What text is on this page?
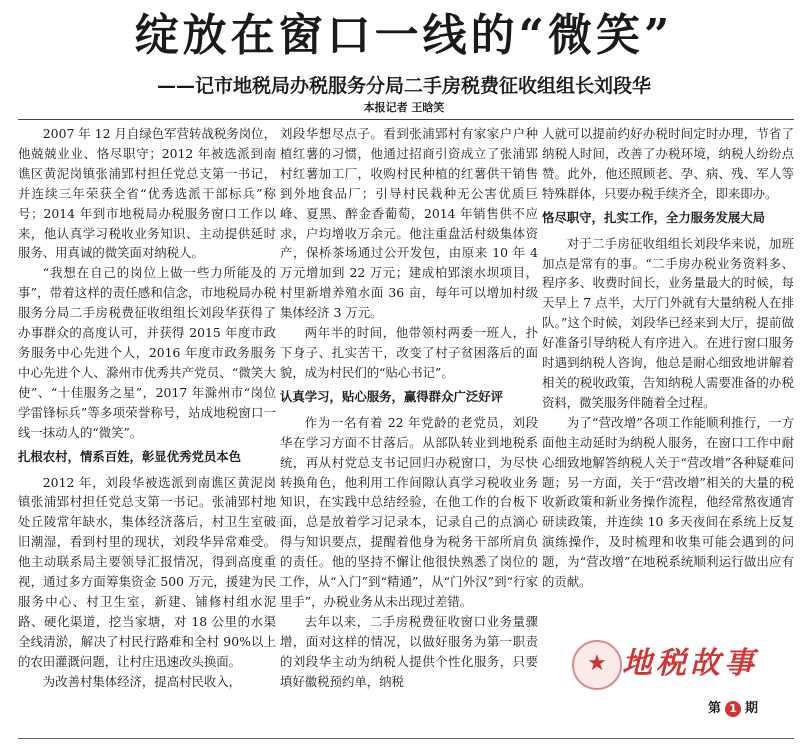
绽放在窗口一线的“微笑”
——记市地税局办税服务分局二手房税费征收组组长刘段华
本报记者 王晗笑

2007 年 12 月自绿色军营转战税务岗位，他兢兢业业、恪尽职守；2012 年被选派到南谯区黄泥岗镇张浦郢村担任党总支第一书记，并连续三年荣获全省“优秀选派干部标兵”称号；2014 年到市地税局办税服务窗口工作以来，他认真学习税收业务知识、主动提供延时服务、用真诚的微笑面对纳税人。

“我想在自己的岗位上做一些力所能及的事”，带着这样的责任感和信念，市地税局办税服务分局二手房税费征收组组长刘段华获得了办事群众的高度认可，并获得 2015 年度市政务服务中心先进个人，2016 年度市政务服务中心先进个人、滁州市优秀共产党员、“微笑大使”、“十佳服务之星”，2017 年滁州市“岗位学雷锋标兵”等多项荣誉称号，站成地税窗口一线一抹动人的“微笑”。

扎根农村，情系百姓，彰显优秀党员本色

2012 年，刘段华被选派到南谯区黄泥岗镇张浦郢村担任党总支第一书记。张浦郢村地处丘陵常年缺水，集体经济落后，村卫生室破旧潮湿，看到村里的现状，刘段华异常难受。他主动联系局主要领导汇报情况，得到高度重视，通过多方面筹集资金 500 万元，援建为民服务中心、村卫生室，新建、铺修村组水泥路、硬化渠道，挖当家塘，对 18 公里的水渠全线清淤，解决了村民行路难和全村 90%以上的农田灌溉问题，让村庄迅速改头换面。

为改善村集体经济，提高村民收入，

刘段华想尽点子。看到张浦郢村有家家户户种植红薯的习惯，他通过招商引资成立了张浦郢村红薯加工厂，收购村民种植的红薯供干销售到外地食品厂；引导村民栽种无公害优质巨峰、夏黑、醉金香葡萄，2014 年销售供不应求，户均增收万余元。他注重盘活村级集体资产，保桥茶场通过公开发包，由原来 10 年 4 万元增加到 22 万元；建成柏郢滚水坝项目，村里新增养殖水面 36 亩，每年可以增加村级集体经济 3 万元。

两年半的时间，他带领村两委一班人，扑下身子、扎实苦干，改变了村子贫困落后的面貌，成为村民们的“贴心书记”。

认真学习，贴心服务，赢得群众广泛好评

作为一名有着 22 年党龄的老党员，刘段华在学习方面不甘落后。从部队转业到地税系统，再从村党总支书记回归办税窗口，为尽快转换角色，他利用工作间隙认真学习税收业务知识，在实践中总结经验，在他工作的台板下面，总是放着学习记录本，记录自己的点滴心得与知识要点，提醒着他身为税务干部所肩负的责任。他的坚持不懈让他很快熟悉了岗位的工作，从“入门”到“精通”，从“门外汉”到“行家里手”，办税业务从未出现过差错。

去年以来，二手房税费征收窗口业务量骤增，面对这样的情况，以做好服务为第一职责的刘段华主动为纳税人提供个性化服务，只要填好徽税预约单，纳税

人就可以提前约好办税时间定时办理，节省了纳税人时间，改善了办税环境，纳税人纷纷点赞。此外，他还照顾老、孕、病、残、军人等特殊群体，只要办税手续齐全，即来即办。

恪尽职守，扎实工作，全力服务发展大局

对于二手房征收组组长刘段华来说，加班加点是常有的事。“二手房办税业务资料多、程序多、收费时间长，业务量最大的时候，每天早上 7 点半，大厅门外就有大量纳税人在排队。”这个时候，刘段华已经来到大厅，提前做好准备引导纳税人有序进入。在进行窗口服务时遇到纳税人咨询，他总是耐心细致地讲解着相关的税收政策，告知纳税人需要准备的办税资料，微笑服务伴随着全过程。

为了“营改增”各项工作能顺利推行，一方面他主动延时为纳税人服务，在窗口工作中耐心细致地解答纳税人关于“营改增”各种疑难问题；另一方面，关于“营改增”相关的大量的税收新政策和新业务操作流程，他经常熬夜通宵研读政策，并连续 10 多天夜间在系统上反复演练操作，及时梳理和收集可能会遇到的问题，为“营改增”在地税系统顺利运行做出应有的贡献。

★ 地税故事
第 1 期
